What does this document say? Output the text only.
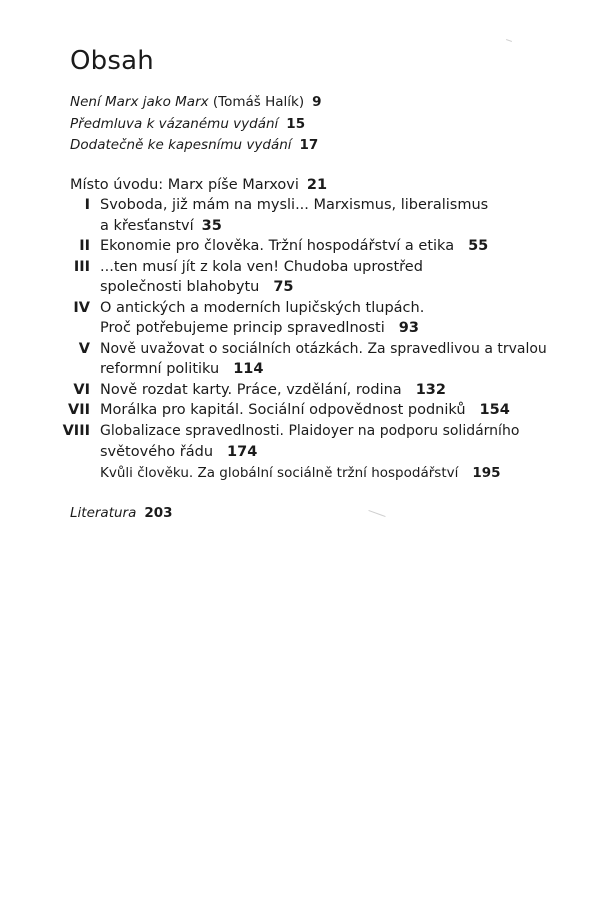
Obsah
Není Marx jako Marx (Tomáš Halík) 9
Předmluva k vázanému vydání 15
Dodatečně ke kapesnímu vydání 17
Místo úvodu: Marx píše Marxovi 21
I Svoboda, již mám na mysli... Marxismus, liberalismus
a křesťanství 35
II Ekonomie pro člověka. Tržní hospodářství a etika 55
III ...ten musí jít z kola ven! Chudoba uprostřed
společnosti blahobytu 75
IV O antických a moderních lupičských tlupách.
Proč potřebujeme princip spravedlnosti 93
V Nově uvažovat o sociálních otázkách. Za spravedlivou a trvalou
reformní politiku 114
VI Nově rozdat karty. Práce, vzdělání, rodina 132
VII Morálka pro kapitál. Sociální odpovědnost podniků 154
VIII Globalizace spravedlnosti. Plaidoyer na podporu solidárního
světového řádu 174
Kvůli člověku. Za globální sociálně tržní hospodářství 195
Literatura 203
